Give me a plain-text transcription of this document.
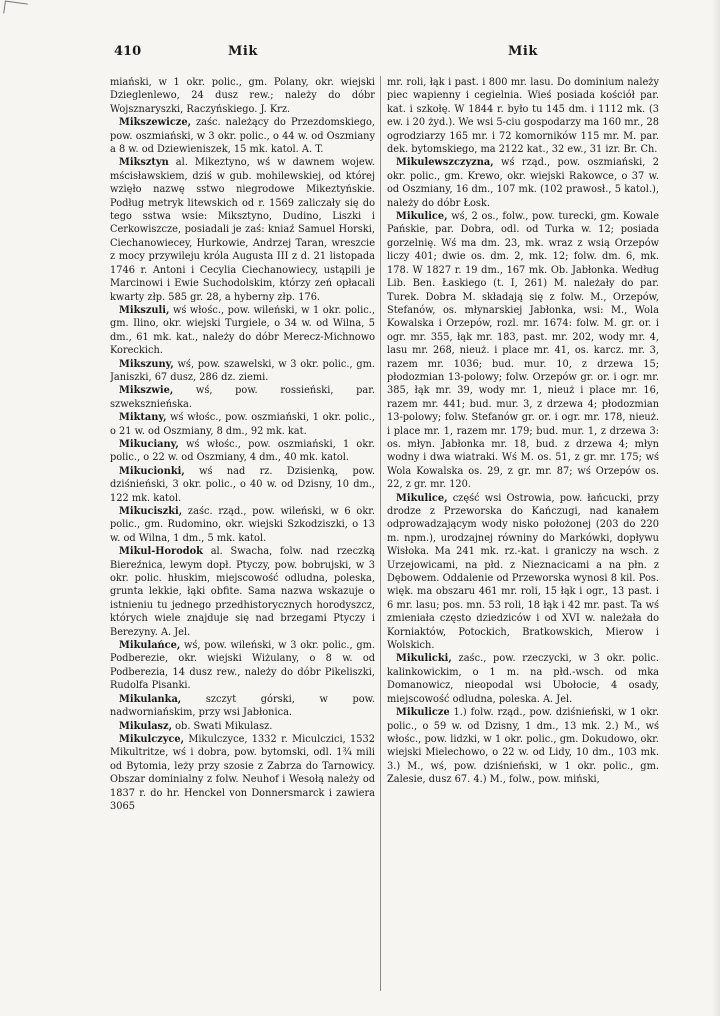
410	Mik	Mik

miański, w 1 okr. polic., gm. Polany, okr. wiejski Dzieglenlewo, 24 dusz rew.; należy do dóbr Wojsznaryszki, Raczyńskiego. J. Krz.

Mikszewicze, zaśc. należący do Przezdomskiego, pow. oszmiański, w 3 okr. polic., o 44 w. od Oszmiany a 8 w. od Dziewieniszek, 15 mk. katol. A. T.

Miksztyn al. Mikeztyno, wś w dawnem wojew. mścisławskiem, dziś w gub. mohilewskiej, od której wzięło nazwę sstwo niegrodowe Mikeztyńskie. Podług metryk litewskich od r. 1569 zaliczały się do tego sstwa wsie: Miksztyno, Dudino, Liszki i Cerkowiszcze, posiadali je zaś: kniaź Samuel Horski, Ciechanowiecey, Hurkowie, Andrzej Taran, wreszcie z mocy przywileju króla Augusta III z d. 21 listopada 1746 r. Antoni i Cecylia Ciechanowiecy, ustąpili je Marcinowi i Ewie Suchodolskim, którzy zeń opłacali kwarty złp. 585 gr. 28, a hyberny złp. 176.

Mikszuli, wś włośc., pow. wileński, w 1 okr. polic., gm. Ilino, okr. wiejski Turgiele, o 34 w. od Wilna, 5 dm., 61 mk. kat., należy do dóbr Merecz-Michnowo Koreckich.

Mikszuny, wś, pow. szawelski, w 3 okr. polic., gm. Janiszki, 67 dusz, 286 dz. ziemi.

Mikszwie, wś, pow. rossieński, par. szweksznieńska.

Miktany, wś włośc., pow. oszmiański, 1 okr. polic., o 21 w. od Oszmiany, 8 dm., 92 mk. kat.

Mikuciany, wś włośc., pow. oszmiański, 1 okr. polic., o 22 w. od Oszmiany, 4 dm., 40 mk. katol.

Mikucionki, wś nad rz. Dzisienką, pow. dziśnieński, 3 okr. polic., o 40 w. od Dzisny, 10 dm., 122 mk. katol.

Mikuciszki, zaśc. rząd., pow. wileński, w 6 okr. polic., gm. Rudomino, okr. wiejski Szkodziszki, o 13 w. od Wilna, 1 dm., 5 mk. katol.

Mikul-Horodok al. Swacha, folw. nad rzeczką Biereźnica, lewym dopł. Ptyczy, pow. bobrujski, w 3 okr. polic. hłuskim, miejscowość odludna, poleska, grunta lekkie, łąki obfite. Sama nazwa wskazuje o istnieniu tu jednego przedhistorycznych horodyszcz, których wiele znajduje się nad brzegami Ptyczy i Berezyny. A. Jel.

Mikulańce, wś, pow. wileński, w 3 okr. polic., gm. Podberezie, okr. wiejski Wiżulany, o 8 w. od Podberezia, 14 dusz rew., należy do dóbr Pikeliszki, Rudolfa Pisanki.

Mikulanka, szczyt górski, w pow. nadworniańskim, przy wsi Jabłonica.

Mikulasz, ob. Swati Mikulasz.

Mikulczyce, Mikulczyce, 1332 r. Miculczici, 1532 Mikultritze, wś i dobra, pow. bytomski, odl. 1¾ mili od Bytomia, leży przy szosie z Zabrza do Tarnowicy. Obszar dominialny z folw. Neuhof i Wesołą należy od 1837 r. do hr. Henckel von Donnersmarck i zawiera 3065

mr. roli, łąk i past. i 800 mr. lasu. Do dominium należy piec wapienny i cegielnia. Wieś posiada kościół par. kat. i szkołę. W 1844 r. było tu 145 dm. i 1112 mk. (3 ew. i 20 żyd.). We wsi 5-ciu gospodarzy ma 160 mr., 28 ogrodziarzy 165 mr. i 72 komorników 115 mr. M. par. dek. bytomskiego, ma 2122 kat., 32 ew., 31 izr. Br. Ch.

Mikulewszczyzna, wś rząd., pow. oszmiański, 2 okr. polic., gm. Krewo, okr. wiejski Rakowce, o 37 w. od Oszmiany, 16 dm., 107 mk. (102 prawosł., 5 katol.), należy do dóbr Łosk.

Mikulice, wś, 2 os., folw., pow. turecki, gm. Kowale Pańskie, par. Dobra, odl. od Turka w. 12; posiada gorzelnię. Wś ma dm. 23, mk. wraz z wsią Orzepów liczy 401; dwie os. dm. 2, mk. 12; folw. dm. 6, mk. 178. W 1827 r. 19 dm., 167 mk. Ob. Jabłonka. Według Lib. Ben. Łaskiego (t. I, 261) M. należały do par. Turek. Dobra M. składają się z folw. M., Orzepów, Stefanów, os. młynarskiej Jabłonka, wsi: M., Wola Kowalska i Orzepów, rozl. mr. 1674: folw. M. gr. or. i ogr. mr. 355, łąk mr. 183, past. mr. 202, wody mr. 4, lasu mr. 268, nieuż. i place mr. 41, os. karcz. mr. 3, razem mr. 1036; bud. mur. 10, z drzewa 15; płodozmian 13-polowy; folw. Orzepów gr. or. i ogr. mr. 385, łąk mr. 39, wody mr. 1, nieuż i place mr. 16, razem mr. 441; bud. mur. 3, z drzewa 4; płodozmian 13-polowy; folw. Stefanów gr. or. i ogr. mr. 178, nieuż. i place mr. 1, razem mr. 179; bud. mur. 1, z drzewa 3: os. młyn. Jabłonka mr. 18, bud. z drzewa 4; młyn wodny i dwa wiatraki. Wś M. os. 51, z gr. mr. 175; wś Wola Kowalska os. 29, z gr. mr. 87; wś Orzepów os. 22, z gr. mr. 120.

Mikulice, część wsi Ostrowia, pow. łańcucki, przy drodze z Przeworska do Kańczugi, nad kanałem odprowadzającym wody nisko położonej (203 do 220 m. npm.), urodzajnej równiny do Markówki, dopływu Wisłoka. Ma 241 mk. rz.-kat. i graniczy na wsch. z Urzejowicami, na płd. z Nieznacicami a na płn. z Dębowem. Oddalenie od Przeworska wynosi 8 kil. Pos. więk. ma obszaru 461 mr. roli, 15 łąk i ogr., 13 past. i 6 mr. lasu; pos. mn. 53 roli, 18 łąk i 42 mr. past. Ta wś zmieniała często dziedziców i od XVI w. należała do Korniaktów, Potockich, Bratkowskich, Mierow i Wolskich.

Mikulicki, zaśc., pow. rzeczycki, w 3 okr. polic. kalinkowickim, o 1 m. na płd.-wsch. od mka Domanowicz, nieopodal wsi Ubołocie, 4 osady, miejscowość odludna, poleska. A. Jel.

Mikulicze 1.) folw. rząd., pow. dziśnieński, w 1 okr. polic., o 59 w. od Dzisny, 1 dm., 13 mk. 2.) M., wś włośc., pow. lidzki, w 1 okr. polic., gm. Dokudowo, okr. wiejski Mielechowo, o 22 w. od Lidy, 10 dm., 103 mk. 3.) M., wś, pow. dziśnieński, w 1 okr. polic., gm. Zalesie, dusz 67. 4.) M., folw., pow. miński,
